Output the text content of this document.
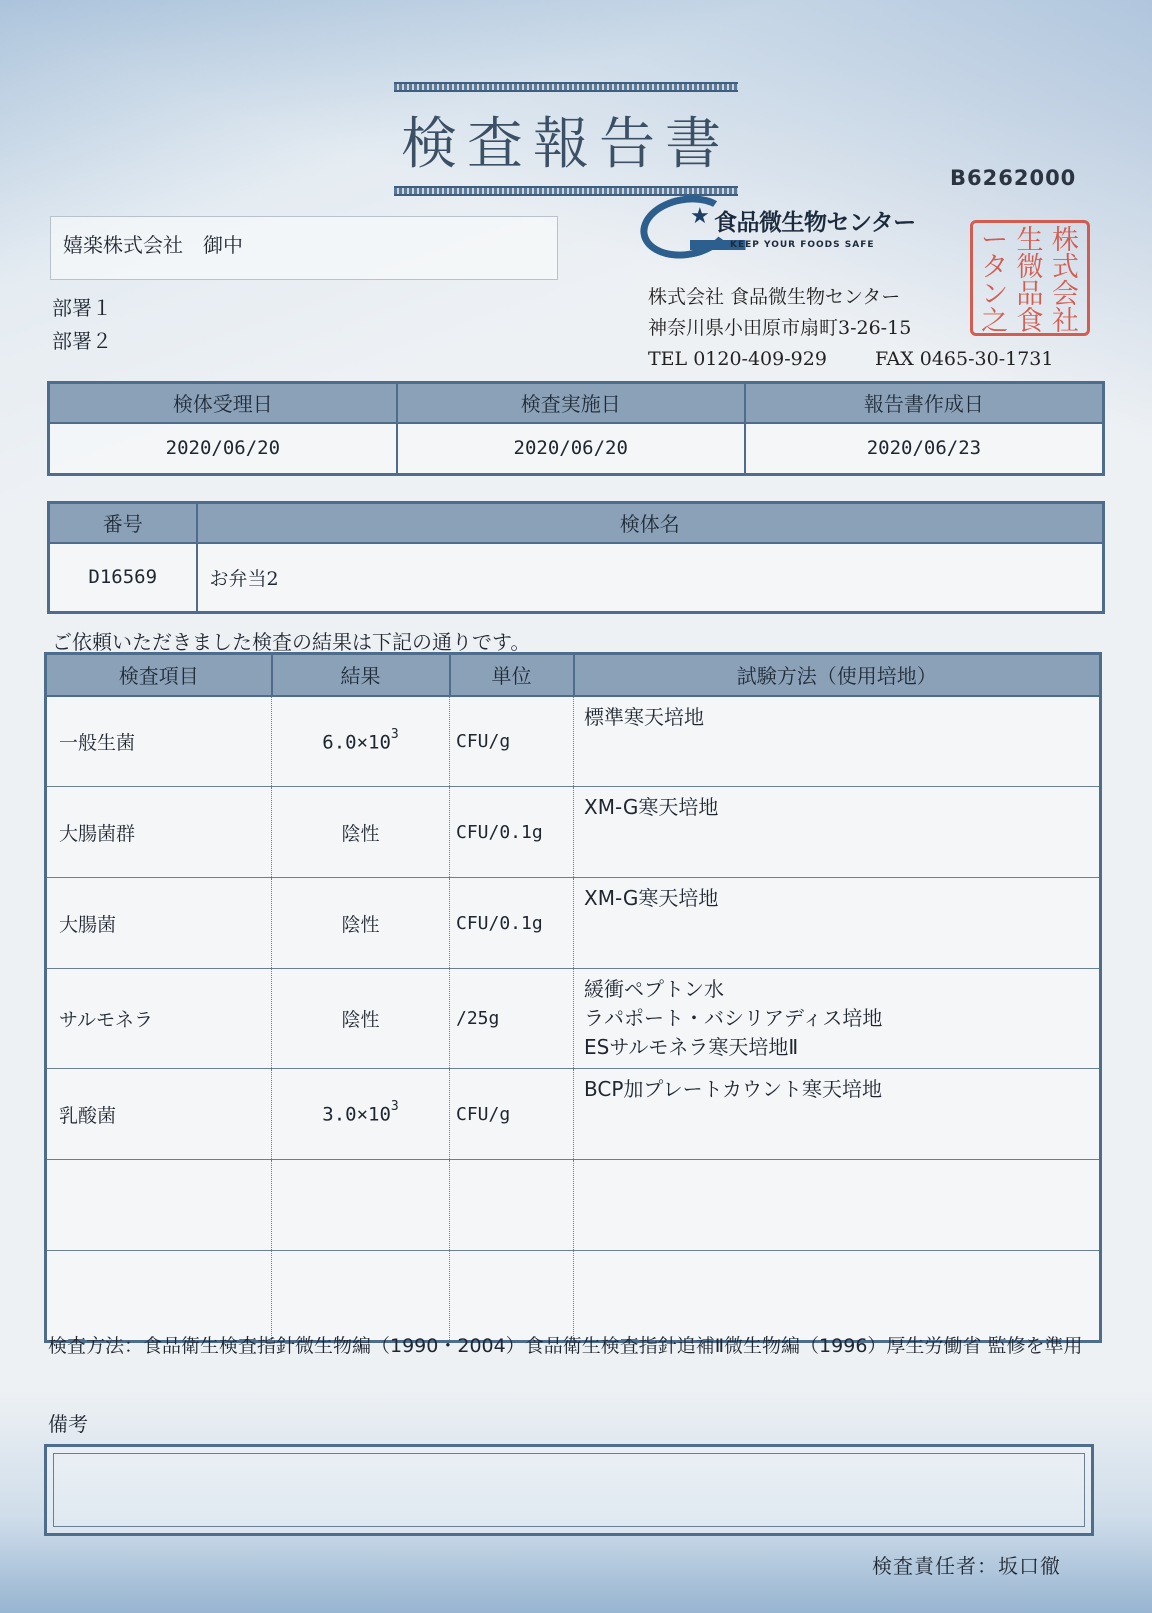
検査報告書
B6262000
嬉楽株式会社　御中
部署１
部署２
★ 食品微生物センター
KEEP YOUR FOODS SAFE	ー 生 株
タ 微 式
ン 品 会
之 食 社
株式会社 食品微生物センター
神奈川県小田原市扇町3-26-15
TEL 0120-409-929	FAX 0465-30-1731
検体受理日	検査実施日	報告書作成日
2020/06/20	2020/06/20	2020/06/23
番号	検体名
D16569	お弁当2
ご依頼いただきました検査の結果は下記の通りです。
検査項目	結果	単位	試験方法（使用培地）
一般生菌	$6.0\times 10^3$	CFU/g	標準寒天培地

大腸菌群	陰性	CFU/0.1g	XM-G寒天培地

大腸菌	陰性	CFU/0.1g	XM-G寒天培地

サルモネラ	陰性	/25g	緩衝ペプトン水
ラパポート・バシリアディス培地
ESサルモネラ寒天培地Ⅱ

乳酸菌	$3.0\times 10^3$	CFU/g	BCP加プレートカウント寒天培地

検査方法：食品衛生検査指針微生物編（1990・2004）食品衛生検査指針追補Ⅱ微生物編（1996）厚生労働省 監修を準用
備考
検査責任者：坂口徹
